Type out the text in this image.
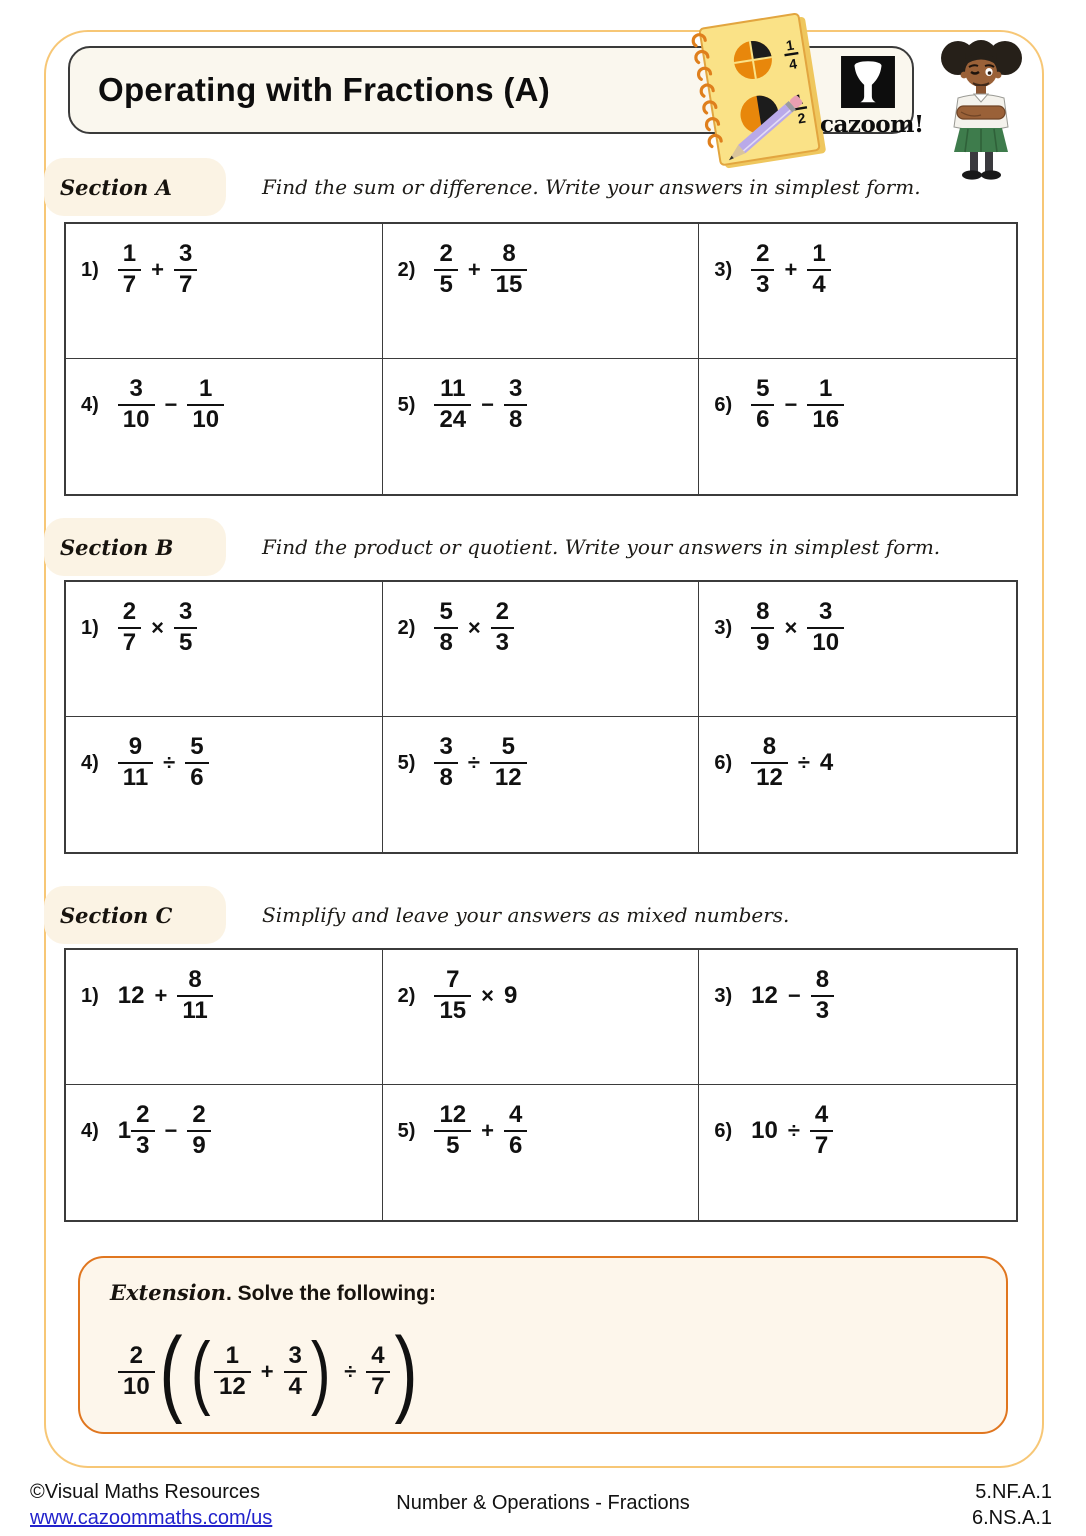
Operating with Fractions (A)
1
4
2 cazoom!
Section A	Find the sum or difference. Write your answers in simplest form.
$1) \frac{1}{7} + \frac{3}{7}$	$2) \frac{2}{5} + \frac{8}{15}$	$3) \frac{2}{3} + \frac{1}{4}$
$4) \frac{3}{10} - \frac{1}{10}$	$5) \frac{11}{24} - \frac{3}{8}$	$6) \frac{5}{6} - \frac{1}{16}$
Section B	Find the product or quotient. Write your answers in simplest form.
$1) \frac{2}{7} \times \frac{3}{5}$	$2) \frac{5}{8} \times \frac{2}{3}$	$3) \frac{8}{9} \times \frac{3}{10}$
$4) \frac{9}{11} \div \frac{5}{6}$	$5) \frac{3}{8} \div \frac{5}{12}$	$6) \frac{8}{12} \div 4$
Section C	Simplify and leave your answers as mixed numbers.
1) $12 + \frac{8}{11}$	$2) \frac{7}{15} \times 9$	3) $12 - \frac{8}{3}$
4) $1 \frac{2}{3} - \frac{2}{9}$	$5) \frac{12}{5} + \frac{4}{6}$	6) $10 \div \frac{4}{7}$
Extension. Solve the following:
$\frac{2}{10}$ ( ( $\frac{1}{12} + \frac{3}{4}$ ) ÷ $\frac{4}{7}$ )
©Visual Maths Resources
www.cazoommaths.com/us
Number & Operations - Fractions	5.NF.A.1
6.NS.A.1
